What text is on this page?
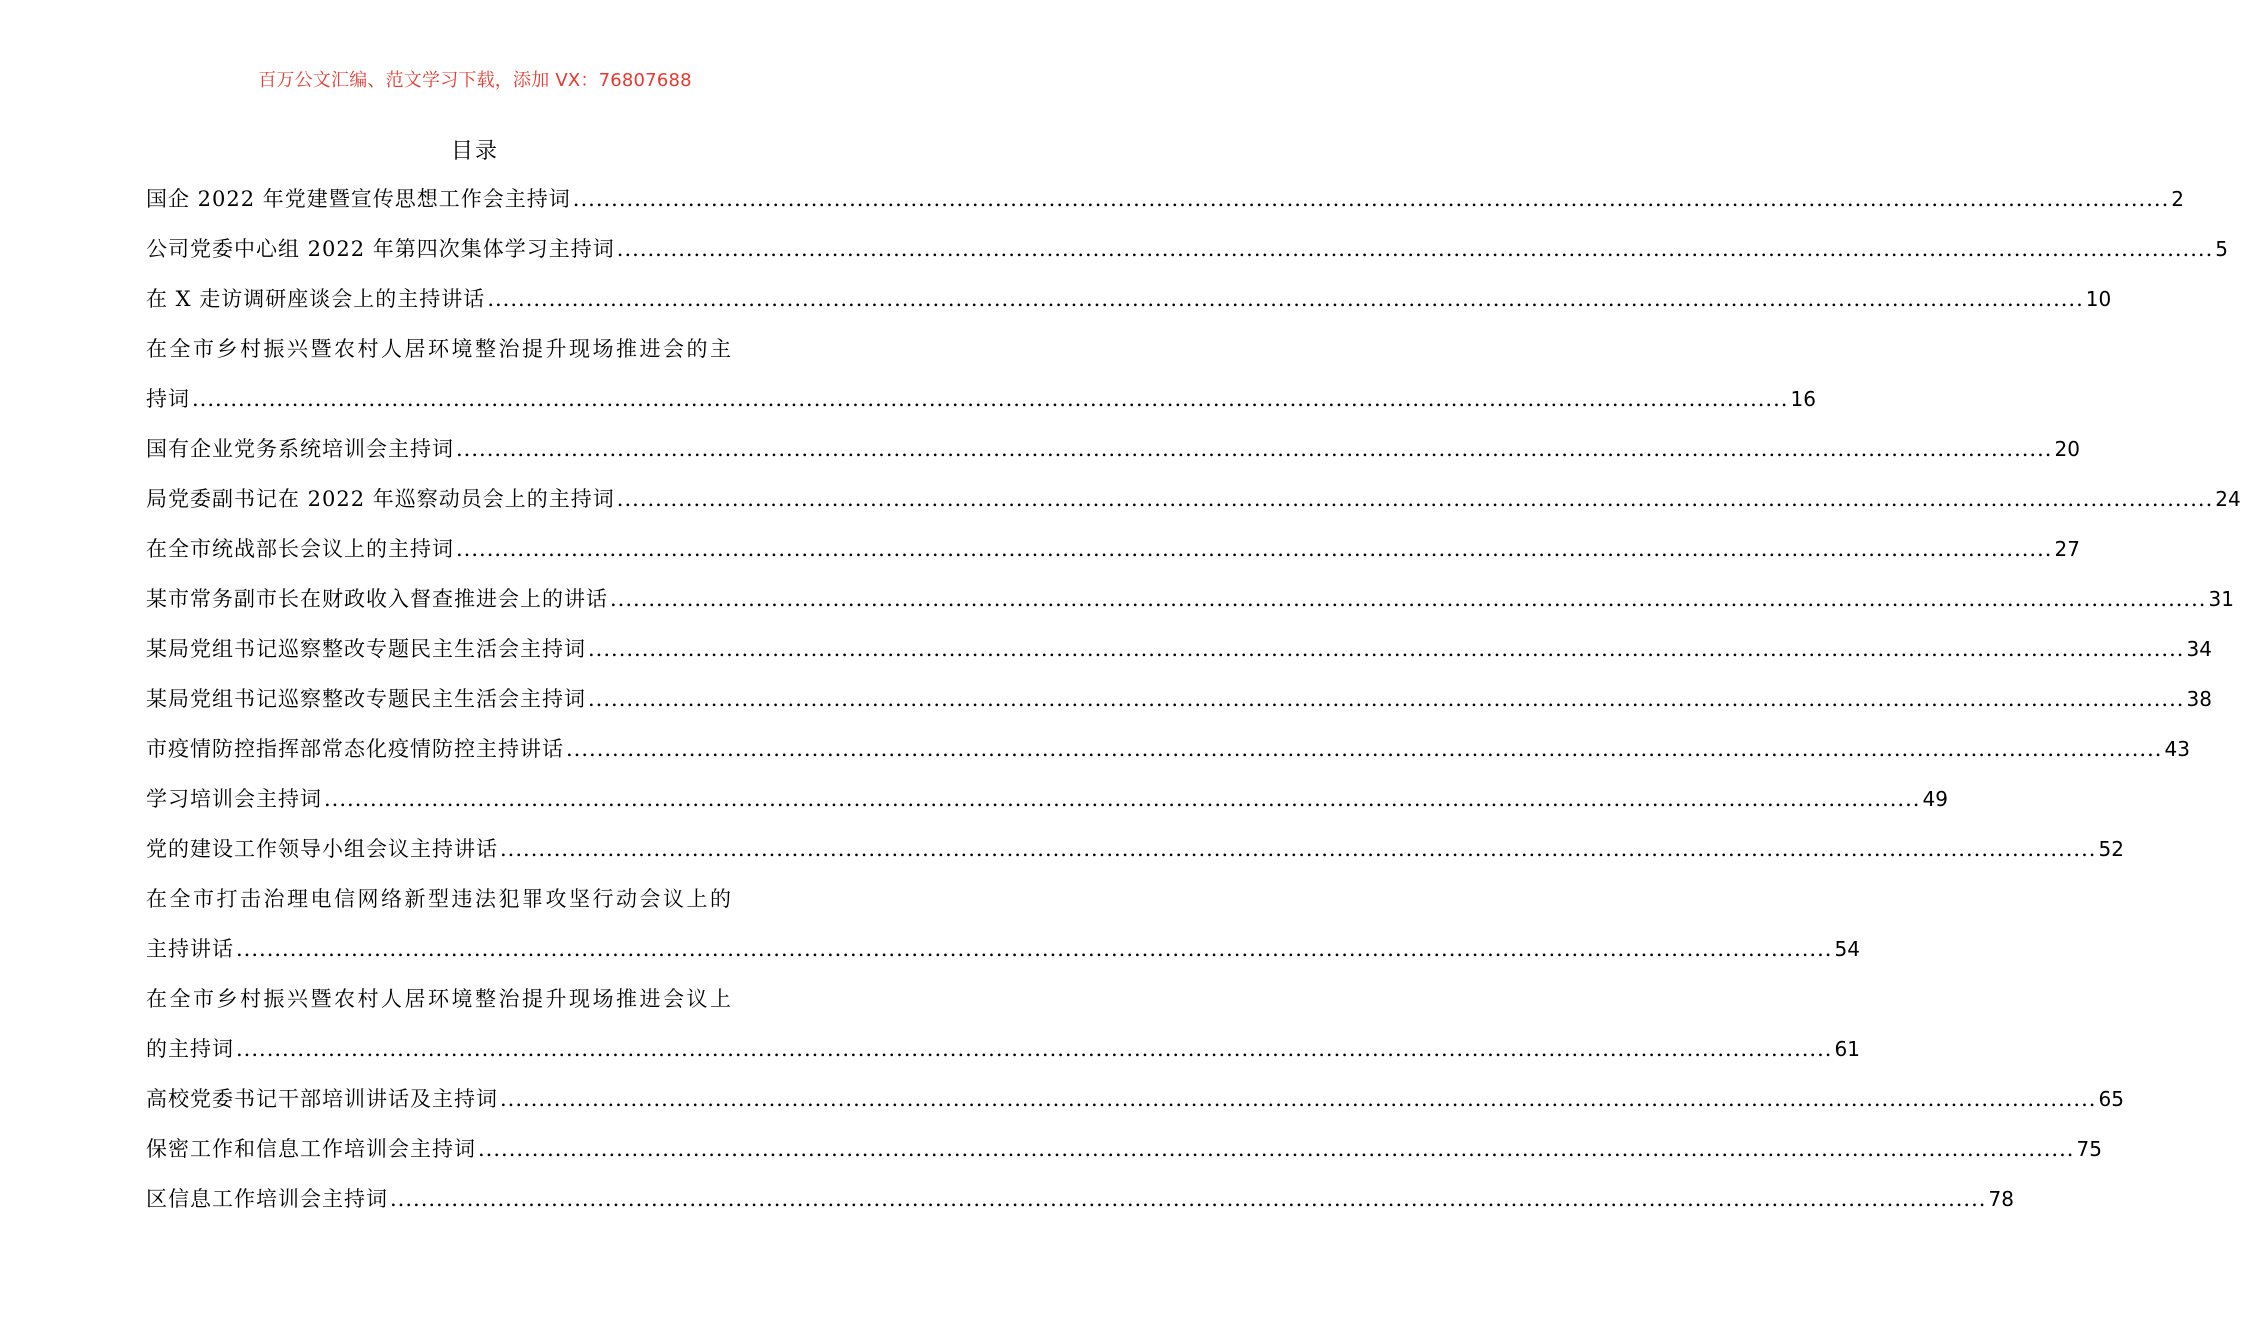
百万公文汇编、范文学习下载，添加 VX：76807688
目录
国企 2022 年党建暨宣传思想工作会主持词 .....	2
公司党委中心组 2022 年第四次集体学习主持词 .....	5
在 X 走访调研座谈会上的主持讲话 .....	10
在全市乡村振兴暨农村人居环境整治提升现场推进会的主
持词 .....	16
国有企业党务系统培训会主持词 .....	20
局党委副书记在 2022 年巡察动员会上的主持词 .....	24
在全市统战部长会议上的主持词 .....	27
某市常务副市长在财政收入督查推进会上的讲话 .....	31
某局党组书记巡察整改专题民主生活会主持词 .....	34
某局党组书记巡察整改专题民主生活会主持词 .....	38
市疫情防控指挥部常态化疫情防控主持讲话 .....	43
学习培训会主持词 .....	49
党的建设工作领导小组会议主持讲话 .....	52
在全市打击治理电信网络新型违法犯罪攻坚行动会议上的
主持讲话 .....	54
在全市乡村振兴暨农村人居环境整治提升现场推进会议上
的主持词 .....	61
高校党委书记干部培训讲话及主持词 .....	65
保密工作和信息工作培训会主持词 .....	75
区信息工作培训会主持词 .....	78
